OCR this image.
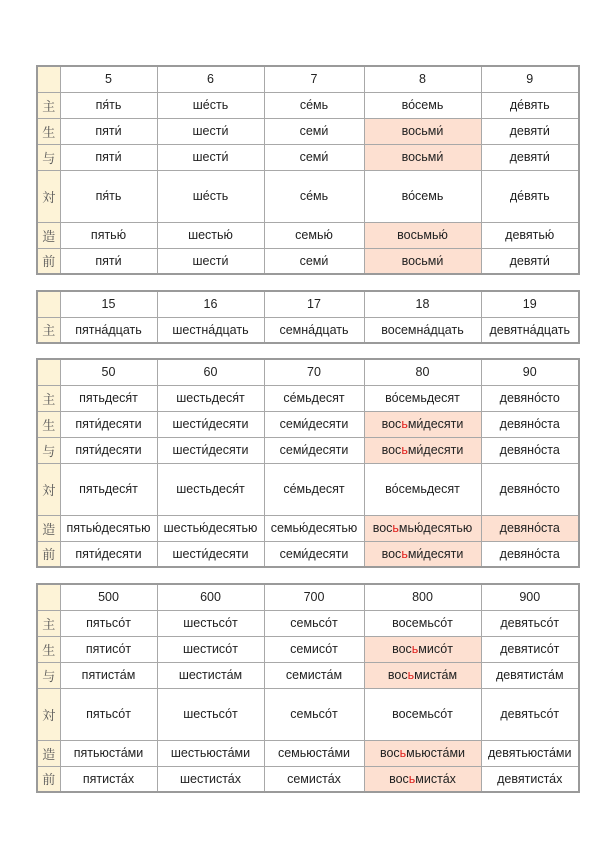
	5	6	7	8	9
主	пя́ть	ше́сть	се́мь	во́семь	де́вять
生	пяти́	шести́	семи́	восьми́	девяти́
与	пяти́	шести́	семи́	восьми́	девяти́
対	пя́ть	ше́сть	се́мь	во́семь	де́вять
造	пятью́	шестью́	семью́	восьмью́	девятью́
前	пяти́	шести́	семи́	восьми́	девяти́
	15	16	17	18	19
主	пятна́дцать	шестна́дцать	семна́дцать	восемна́дцать	девятна́дцать
	50	60	70	80	90
主	пятьдеся́т	шестьдеся́т	се́мьдесят	во́семьдесят	девяно́сто
生	пяти́десяти	шести́десяти	семи́десяти	восьми́десяти	девяно́ста
与	пяти́десяти	шести́десяти	семи́десяти	восьми́десяти	девяно́ста
対	пятьдеся́т	шестьдеся́т	се́мьдесят	во́семьдесят	девяно́сто
造	пятью́десятью	шестью́десятью	семью́десятью	восьмью́десятью	девяно́ста
前	пяти́десяти	шести́десяти	семи́десяти	восьми́десяти	девяно́ста
	500	600	700	800	900
主	пятьсо́т	шестьсо́т	семьсо́т	восемьсо́т	девятьсо́т
生	пятисо́т	шестисо́т	семисо́т	восьмисо́т	девятисо́т
与	пятиста́м	шестиста́м	семиста́м	восьмиста́м	девятиста́м
対	пятьсо́т	шестьсо́т	семьсо́т	восемьсо́т	девятьсо́т
造	пятьюста́ми	шестьюста́ми	семьюста́ми	восьмьюста́ми	девятьюста́ми
前	пятиста́х	шестиста́х	семиста́х	восьмиста́х	девятиста́х
